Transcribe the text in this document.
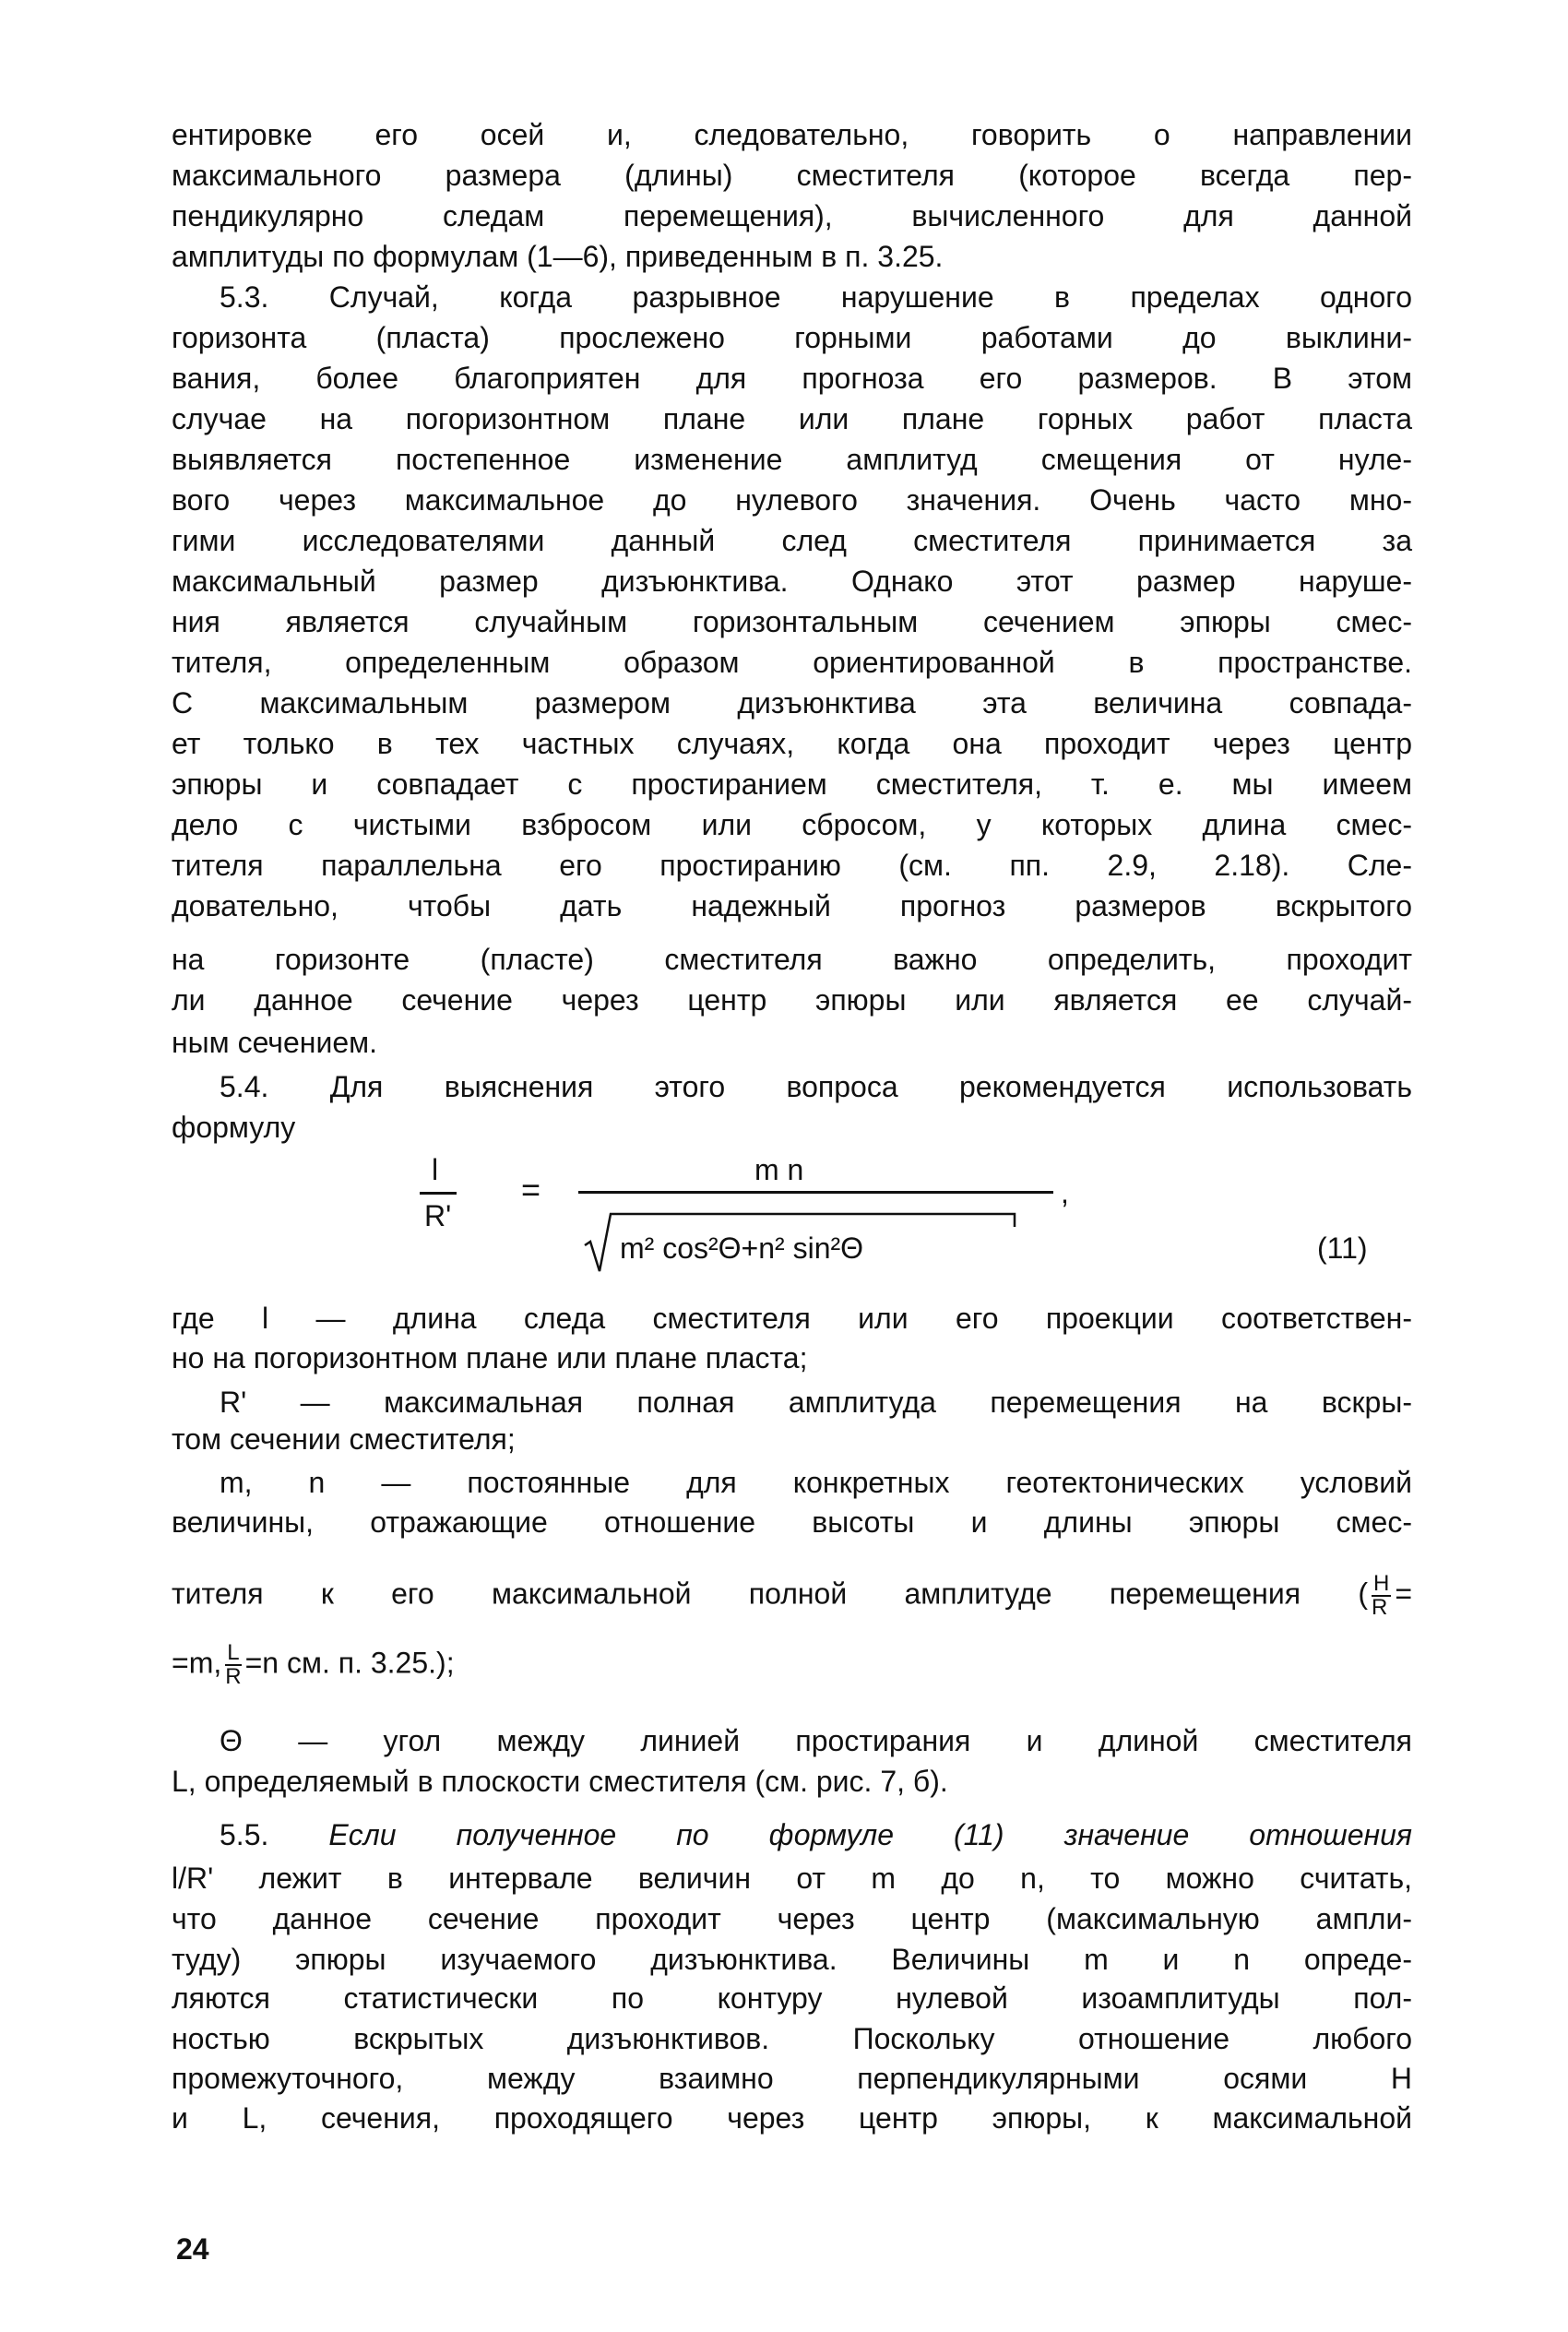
ентировке его осей и, следовательно, говорить о направлении
максимального размера (длины) сместителя (которое всегда пер-
пендикулярно следам перемещения), вычисленного для данной
амплитуды по формулам (1—6), приведенным в п. 3.25.
5.3. Случай, когда разрывное нарушение в пределах одного
горизонта (пласта) прослежено горными работами до выклини-
вания, более благоприятен для прогноза его размеров. В этом
случае на погоризонтном плане или плане горных работ пласта
выявляется постепенное изменение амплитуд смещения от нуле-
вого через максимальное до нулевого значения. Очень часто мно-
гими исследователями данный след сместителя принимается за
максимальный размер дизъюнктива. Однако этот размер наруше-
ния является случайным горизонтальным сечением эпюры смес-
тителя, определенным образом ориентированной в пространстве.
С максимальным размером дизъюнктива эта величина совпада-
ет только в тех частных случаях, когда она проходит через центр
эпюры и совпадает с простиранием сместителя, т. е. мы имеем
дело с чистыми взбросом или сбросом, у которых длина смес-
тителя параллельна его простиранию (см. пп. 2.9, 2.18). Сле-
довательно, чтобы дать надежный прогноз размеров вскрытого
на горизонте (пласте) сместителя важно определить, проходит
ли данное сечение через центр эпюры или является ее случай-
ным сечением.
5.4. Для выяснения этого вопроса рекомендуется использовать
формулу
l
R'
=
m n
,
m² cos²Θ+n² sin²Θ	(11)
где l — длина следа сместителя или его проекции соответствен-
но на погоризонтном плане или плане пласта;
R' — максимальная полная амплитуда перемещения на вскры-
том сечении сместителя;
m, n — постоянные для конкретных геотектонических условий
величины, отражающие отношение высоты и длины эпюры смес-
тителя к его максимальной полной амплитуде перемещения ( $\frac{H}{R}$ =
=m, $\frac{L}{R} =n$ см. п. 3.25.);
Θ — угол между линией простирания и длиной сместителя
L, определяемый в плоскости сместителя (см. рис. 7, б).
5.5. Если полученное по формуле (11) значение отношения
l/R' лежит в интервале величин от m до n, то можно считать,
что данное сечение проходит через центр (максимальную ампли-
туду) эпюры изучаемого дизъюнктива. Величины m и n опреде-
ляются статистически по контуру нулевой изоамплитуды пол-
ностью вскрытых дизъюнктивов. Поскольку отношение любого
промежуточного, между взаимно перпендикулярными осями H
и L, сечения, проходящего через центр эпюры, к максимальной
24
